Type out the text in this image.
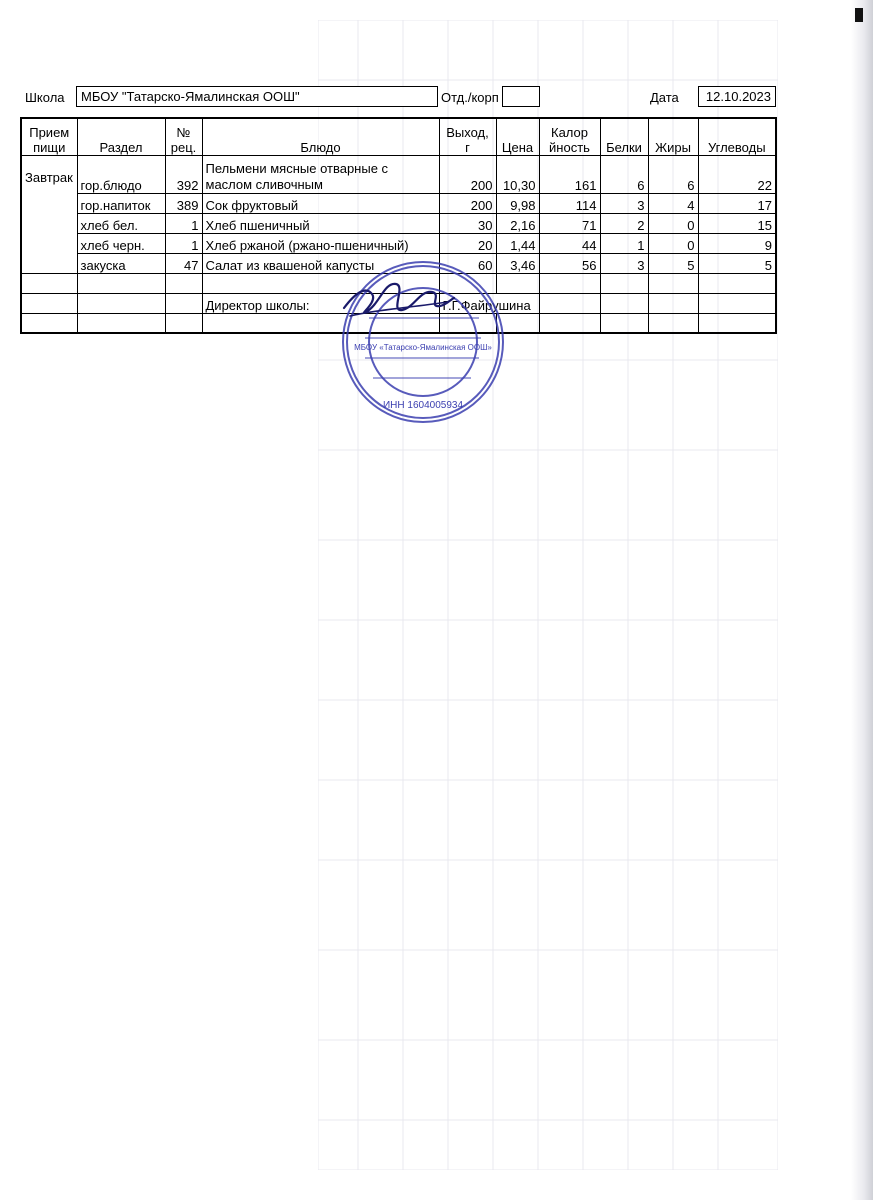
Школа	МБОУ "Татарско-Ямалинская ООШ"	Отд./корп	Дата	12.10.2023
Прием пищи	Раздел	№ рец.	Блюдо	Выход, г	Цена	Калор йность	Белки	Жиры	Углеводы
Завтрак	гор.блюдо	392	Пельмени мясные отварные с маслом сливочным	200	10,30	161	6	6	22
	гор.напиток	389	Сок фруктовый	200	9,98	114	3	4	17
	хлеб бел.	1	Хлеб пшеничный	30	2,16	71	2	0	15
	хлеб черн.	1	Хлеб ржаной (ржано-пшеничный)	20	1,44	44	1	0	9
	закуска	47	Салат из квашеной капусты	60	3,46	56	3	5	5

			Директор школы:	Г.Г.Файрушина					

ИНН 1604005934
МБОУ «Татарско-Ямалинская ООШ»
